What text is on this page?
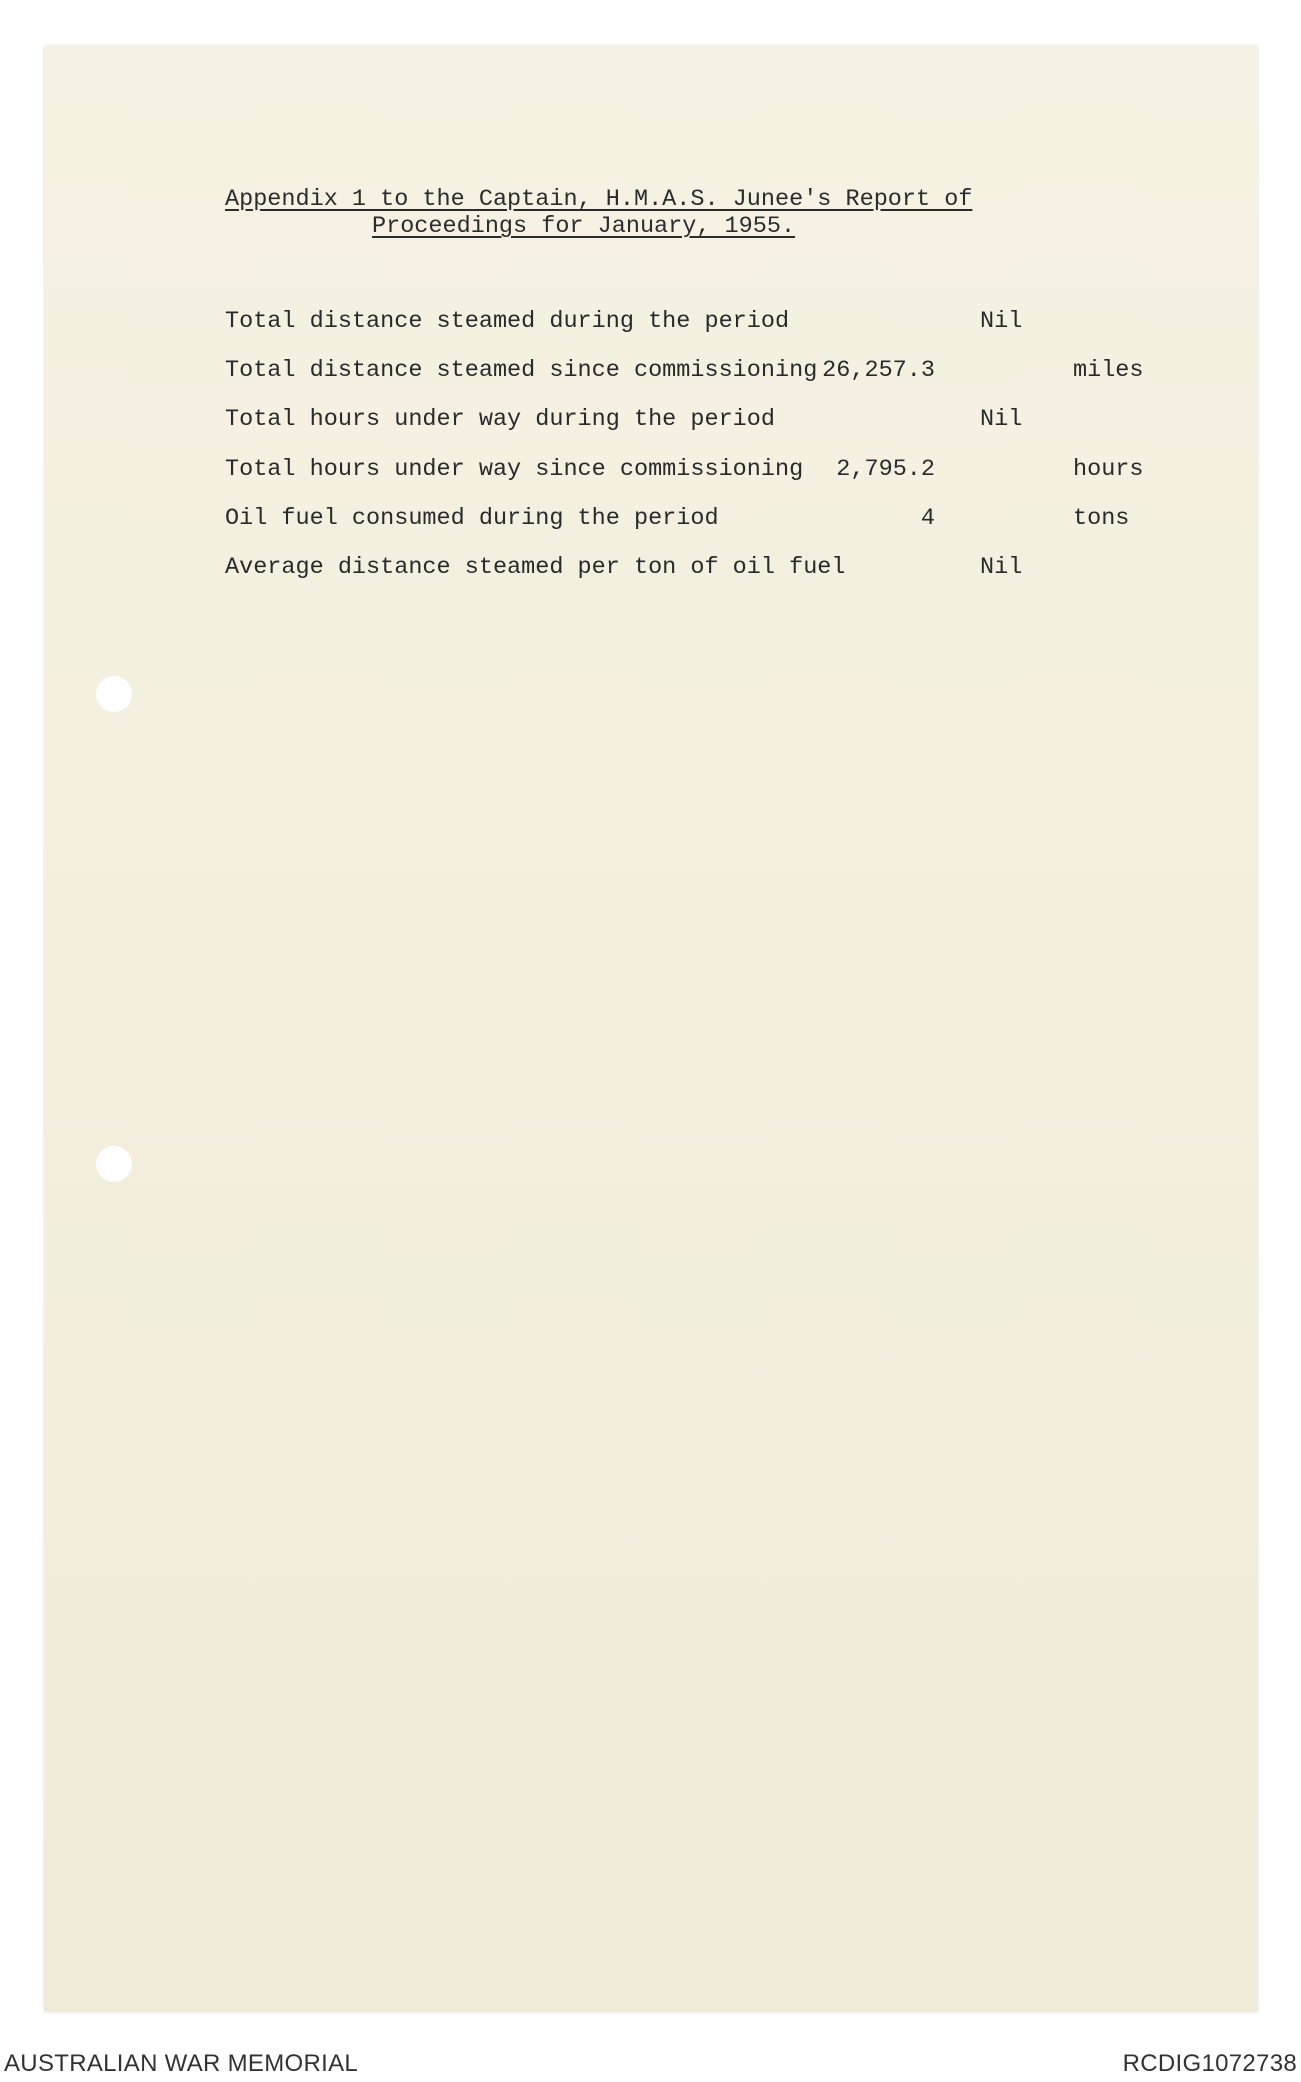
Appendix 1 to the Captain, H.M.A.S. Junee's Report of
Proceedings for January, 1955.
Total distance steamed during the period	Nil
Total distance steamed since commissioning 26,257.3	miles
Total hours under way during the period	Nil
Total hours under way since commissioning 2,795.2	hours
Oil fuel consumed during the period	4	tons
Average distance steamed per ton of oil fuel	Nil
AUSTRALIAN WAR MEMORIAL	RCDIG1072738
